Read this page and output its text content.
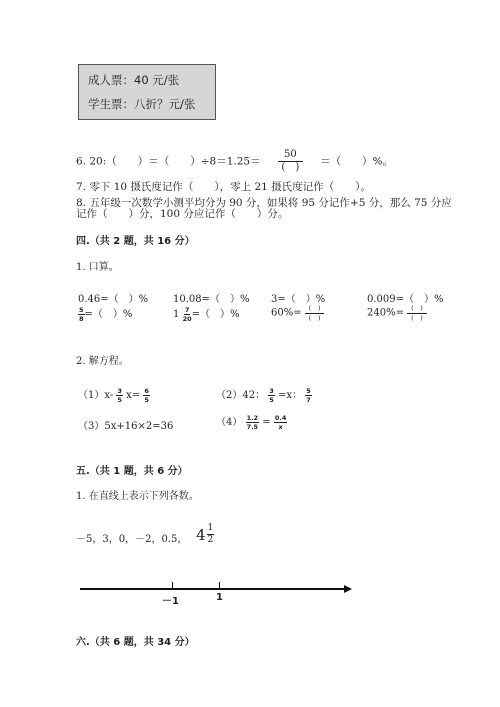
成人票：40 元/张
学生票：八折？元/张
6. 20:（　　）＝（　　）$\div 8=1.25= \frac{50}{( )}$ ＝（　　）%。
7. 零下 10 摄氏度记作（　　），零上 21 摄氏度记作（　　）。
8. 五年级一次数学小测平均分为 90 分，如果将 95 分记作+5 分，那么 75 分应
记作（　　）分，100 分应记作（　　）分。
四.（共 2 题，共 16 分）
1. 口算。
0.46=（　）% 10.08=（　）% 3=（　）%	0.009=（　）%
$\frac{5}{8}$ =（　）%	$1 \frac{7}{20}$ =（　）%	$60\%= \frac{( )}{( )}$	$240\%= \frac{( )}{( )}$
2. 解方程。
$(1)x- \frac{3}{5} x= \frac{6}{5}$	（2）42： $\frac{3}{5} =x$： $\frac{5}{7}$
（3）5x+16×2=36	$(4) \frac{1.2}{7.5} = \frac{0.4}{x}$
五.（共 1 题，共 6 分）
1. 在直线上表示下列各数。
－5，3，0，－2，0.5， $4 \frac{1}{2}$
－1	1
六.（共 6 题，共 34 分）
